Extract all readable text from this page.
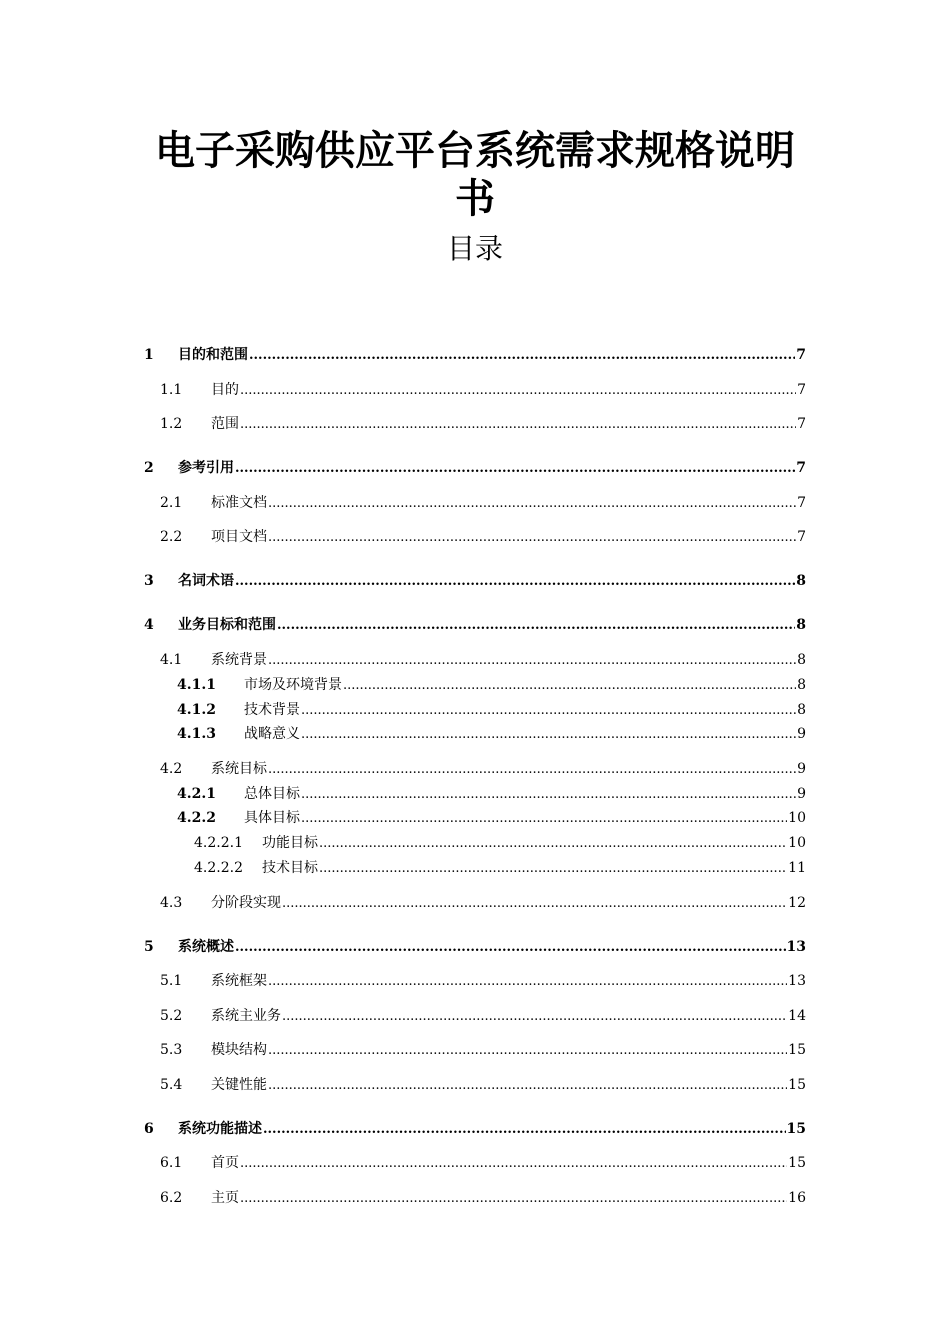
电子采购供应平台系统需求规格说明
书
目录
1	目的和范围 .....	7
1.1	目的 .....	7
1.2	范围 .....	7
2	参考引用 .....	7
2.1	标准文档 .....	7
2.2	项目文档 .....	7
3	名词术语 .....	8
4	业务目标和范围 .....	8
4.1	系统背景 .....	8
4.1.1	市场及环境背景 .....	8
4.1.2	技术背景 .....	8
4.1.3	战略意义 .....	9
4.2	系统目标 .....	9
4.2.1	总体目标 .....	9
4.2.2	具体目标 .....	10
4.2.2.1	功能目标 .....	10
4.2.2.2	技术目标 .....	11
4.3	分阶段实现 .....	12
5	系统概述 .....	13
5.1	系统框架 .....	13
5.2	系统主业务 .....	14
5.3	模块结构 .....	15
5.4	关键性能 .....	15
6	系统功能描述 .....	15
6.1	首页 .....	15
6.2	主页 .....	16
